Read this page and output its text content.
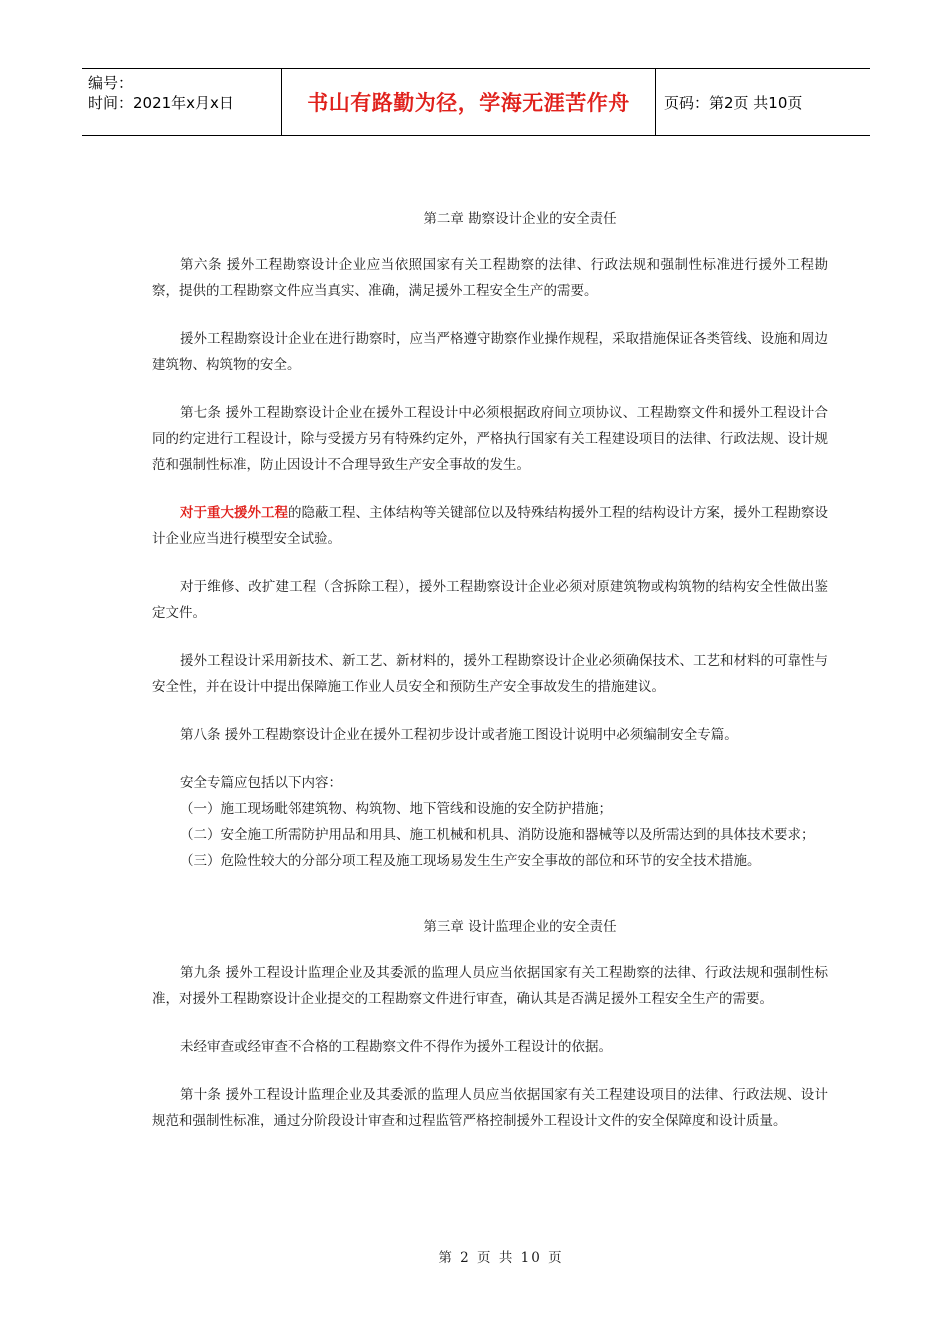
编号：
时间：2021年x月x日	书山有路勤为径，学海无涯苦作舟	页码：第2页 共10页
第二章 勘察设计企业的安全责任

第六条 援外工程勘察设计企业应当依照国家有关工程勘察的法律、行政法规和强制性标准进行援外工程勘察，提供的工程勘察文件应当真实、准确，满足援外工程安全生产的需要。

援外工程勘察设计企业在进行勘察时，应当严格遵守勘察作业操作规程，采取措施保证各类管线、设施和周边建筑物、构筑物的安全。

第七条 援外工程勘察设计企业在援外工程设计中必须根据政府间立项协议、工程勘察文件和援外工程设计合同的约定进行工程设计，除与受援方另有特殊约定外，严格执行国家有关工程建设项目的法律、行政法规、设计规范和强制性标准，防止因设计不合理导致生产安全事故的发生。

对于重大援外工程的隐蔽工程、主体结构等关键部位以及特殊结构援外工程的结构设计方案，援外工程勘察设计企业应当进行模型安全试验。

对于维修、改扩建工程（含拆除工程），援外工程勘察设计企业必须对原建筑物或构筑物的结构安全性做出鉴定文件。

援外工程设计采用新技术、新工艺、新材料的，援外工程勘察设计企业必须确保技术、工艺和材料的可靠性与安全性，并在设计中提出保障施工作业人员安全和预防生产安全事故发生的措施建议。

第八条 援外工程勘察设计企业在援外工程初步设计或者施工图设计说明中必须编制安全专篇。

安全专篇应包括以下内容：

（一）施工现场毗邻建筑物、构筑物、地下管线和设施的安全防护措施；

（二）安全施工所需防护用品和用具、施工机械和机具、消防设施和器械等以及所需达到的具体技术要求；

（三）危险性较大的分部分项工程及施工现场易发生生产安全事故的部位和环节的安全技术措施。

第三章 设计监理企业的安全责任

第九条 援外工程设计监理企业及其委派的监理人员应当依据国家有关工程勘察的法律、行政法规和强制性标准，对援外工程勘察设计企业提交的工程勘察文件进行审查，确认其是否满足援外工程安全生产的需要。

未经审查或经审查不合格的工程勘察文件不得作为援外工程设计的依据。

第十条 援外工程设计监理企业及其委派的监理人员应当依据国家有关工程建设项目的法律、行政法规、设计规范和强制性标准，通过分阶段设计审查和过程监管严格控制援外工程设计文件的安全保障度和设计质量。

第 2 页 共 10 页
